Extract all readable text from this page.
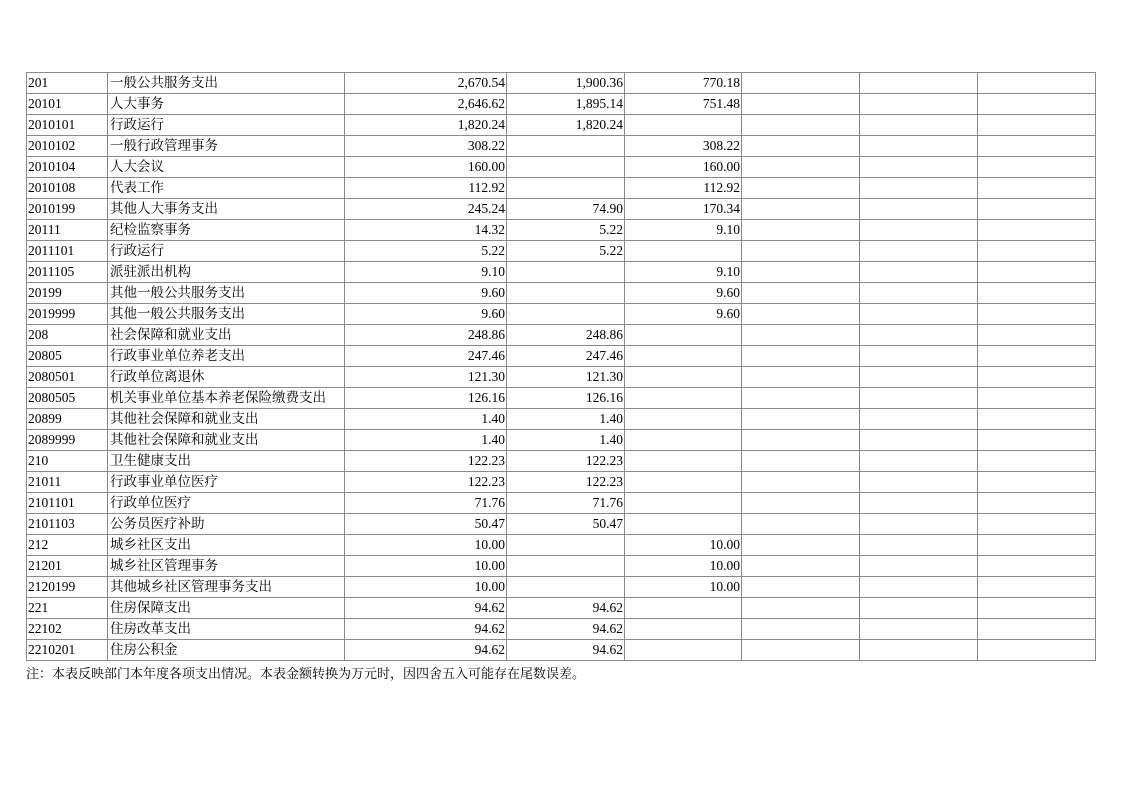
201	一般公共服务支出	2,670.54	1,900.36	770.18			
20101	人大事务	2,646.62	1,895.14	751.48			
2010101	行政运行	1,820.24	1,820.24				
2010102	一般行政管理事务	308.22		308.22			
2010104	人大会议	160.00		160.00			
2010108	代表工作	112.92		112.92			
2010199	其他人大事务支出	245.24	74.90	170.34			
20111	纪检监察事务	14.32	5.22	9.10			
2011101	行政运行	5.22	5.22				
2011105	派驻派出机构	9.10		9.10			
20199	其他一般公共服务支出	9.60		9.60			
2019999	其他一般公共服务支出	9.60		9.60			
208	社会保障和就业支出	248.86	248.86				
20805	行政事业单位养老支出	247.46	247.46				
2080501	行政单位离退休	121.30	121.30				
2080505	机关事业单位基本养老保险缴费支出	126.16	126.16				
20899	其他社会保障和就业支出	1.40	1.40				
2089999	其他社会保障和就业支出	1.40	1.40				
210	卫生健康支出	122.23	122.23				
21011	行政事业单位医疗	122.23	122.23				
2101101	行政单位医疗	71.76	71.76				
2101103	公务员医疗补助	50.47	50.47				
212	城乡社区支出	10.00		10.00			
21201	城乡社区管理事务	10.00		10.00			
2120199	其他城乡社区管理事务支出	10.00		10.00			
221	住房保障支出	94.62	94.62				
22102	住房改革支出	94.62	94.62				
2210201	住房公积金	94.62	94.62				
注：本表反映部门本年度各项支出情况。本表金额转换为万元时，因四舍五入可能存在尾数误差。
